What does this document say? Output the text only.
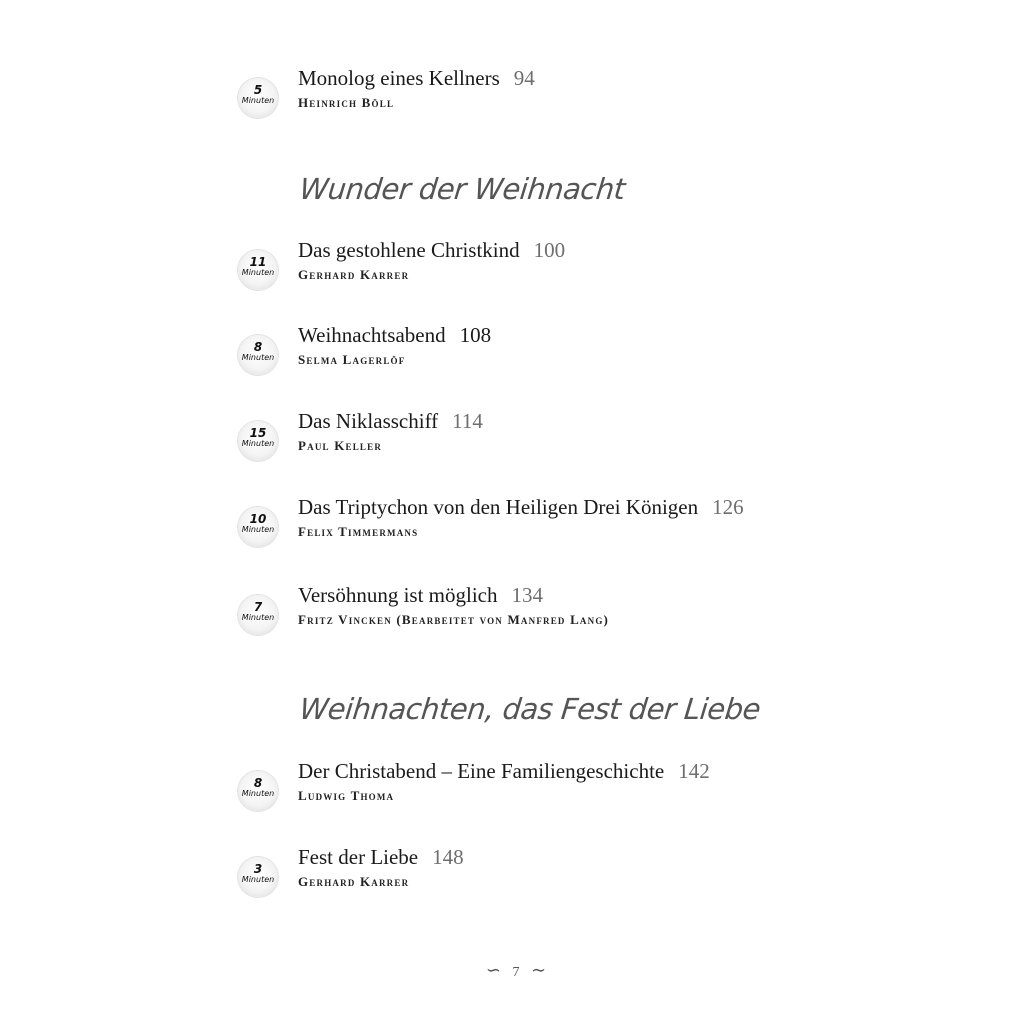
5
Minuten
Monolog eines Kellners 94
Heinrich Böll
Wunder der Weihnacht
11
Minuten
Das gestohlene Christkind 100
Gerhard Karrer
8
Minuten
Weihnachtsabend 108
Selma Lagerlöf
15
Minuten
Das Niklasschiff 114
Paul Keller
10
Minuten
Das Triptychon von den Heiligen Drei Königen 126
Felix Timmermans
7
Minuten
Versöhnung ist möglich 134
Fritz Vincken (Bearbeitet von Manfred Lang)
Weihnachten, das Fest der Liebe
8
Minuten
Der Christabend – Eine Familiengeschichte 142
Ludwig Thoma
3
Minuten
Fest der Liebe 148
Gerhard Karrer
∽ 7 ∼
